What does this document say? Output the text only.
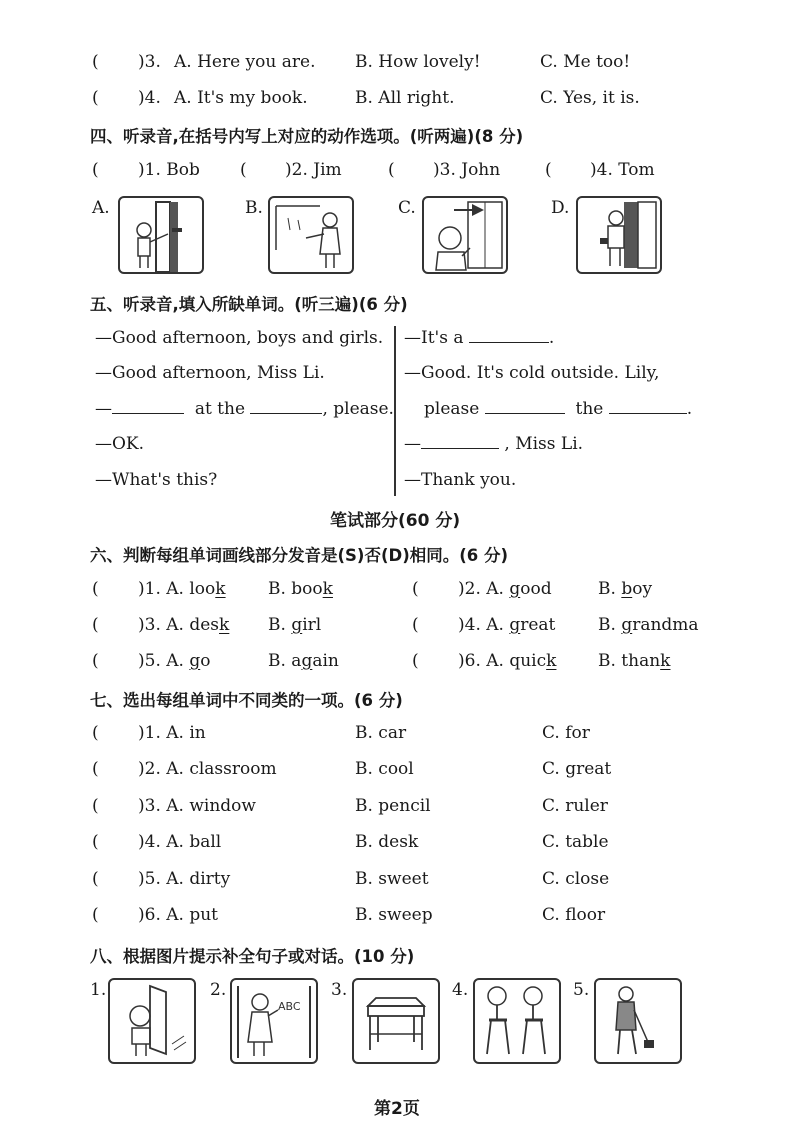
( )3. A. Here you are. B. How lovely!	C. Me too!
( )4. A. It's my book.	B. All right.	C. Yes, it is.
四、听录音,在括号内写上对应的动作选项。(听两遍)(8 分)
( )1. Bob ( )2. Jim	( )3. John	( )4. Tom
A.	B.	C.	D.
五、听录音,填入所缺单词。(听三遍)(6 分)
—Good afternoon, boys and girls.
—Good afternoon, Miss Li.
—	at the	, please.
—OK.
—What's this?
—It's a	.
—Good. It's cold outside. Lily,
please	the	.
—	, Miss Li.
—Thank you.
笔试部分(60 分)
六、判断每组单词画线部分发音是(S)否(D)相同。(6 分)
( )1. A. look B. book	( )2. A. good	B. boy
( )3. A. desk B. girl	( )4. A. great	B. grandma
( )5. A. go	B. again	( )6. A. quick B. thank
七、选出每组单词中不同类的一项。(6 分)
( )1. A. in	B. car	C. for
( )2. A. classroom	B. cool	C. great
( )3. A. window	B. pencil	C. ruler
( )4. A. ball	B. desk	C. table
( )5. A. dirty	B. sweet	C. close
( )6. A. put	B. sweep	C. floor
八、根据图片提示补全句子或对话。(10 分)
1.	2.	3.	4.	5.
ABC
第2页
